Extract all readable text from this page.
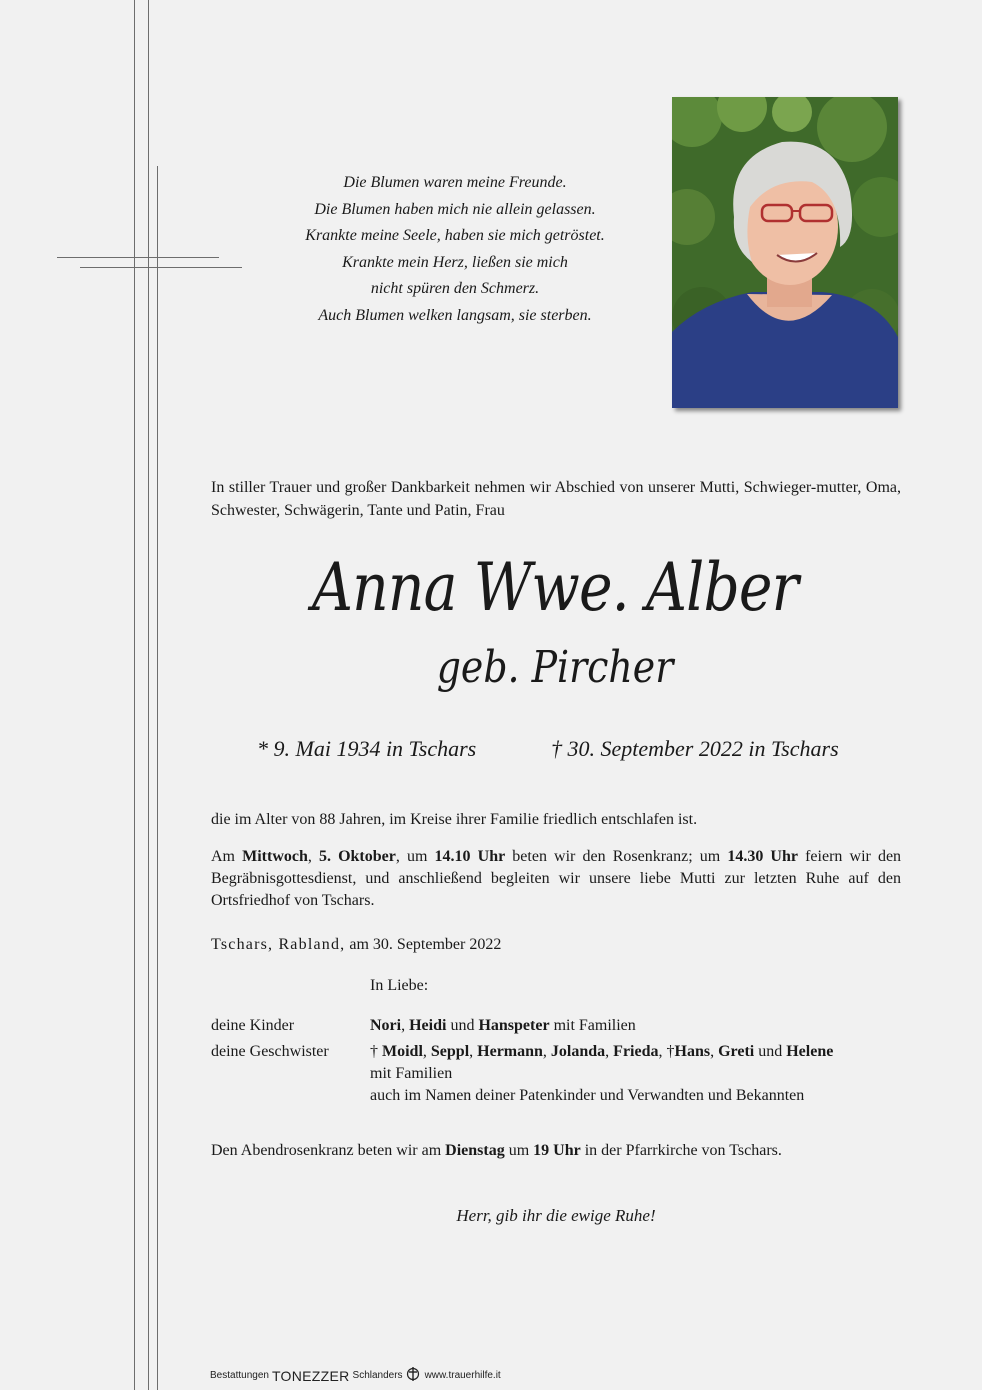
Die Blumen waren meine Freunde.
Die Blumen haben mich nie allein gelassen.
Krankte meine Seele, haben sie mich getröstet.
Krankte mein Herz, ließen sie mich
nicht spüren den Schmerz.
Auch Blumen welken langsam, sie sterben.
In stiller Trauer und großer Dankbarkeit nehmen wir Abschied von unserer Mutti, Schwieger-mutter, Oma, Schwester, Schwägerin, Tante und Patin, Frau
Anna Wwe. Alber
geb. Pircher
* 9. Mai 1934 in Tschars	† 30. September 2022 in Tschars
die im Alter von 88 Jahren, im Kreise ihrer Familie friedlich entschlafen ist.
Am Mittwoch, 5. Oktober, um 14.10 Uhr beten wir den Rosenkranz; um 14.30 Uhr feiern wir den Begräbnisgottesdienst, und anschließend begleiten wir unsere liebe Mutti zur letzten Ruhe auf den Ortsfriedhof von Tschars.
Tschars, Rabland, am 30. September 2022
In Liebe:
deine Kinder	Nori, Heidi und Hanspeter mit Familien
deine Geschwister	† Moidl, Seppl, Hermann, Jolanda, Frieda, †Hans, Greti und Helene
mit Familien
auch im Namen deiner Patenkinder und Verwandten und Bekannten
Den Abendrosenkranz beten wir am Dienstag um 19 Uhr in der Pfarrkirche von Tschars.
Herr, gib ihr die ewige Ruhe!
Bestattungen TONEZZER Schlanders www.trauerhilfe.it
